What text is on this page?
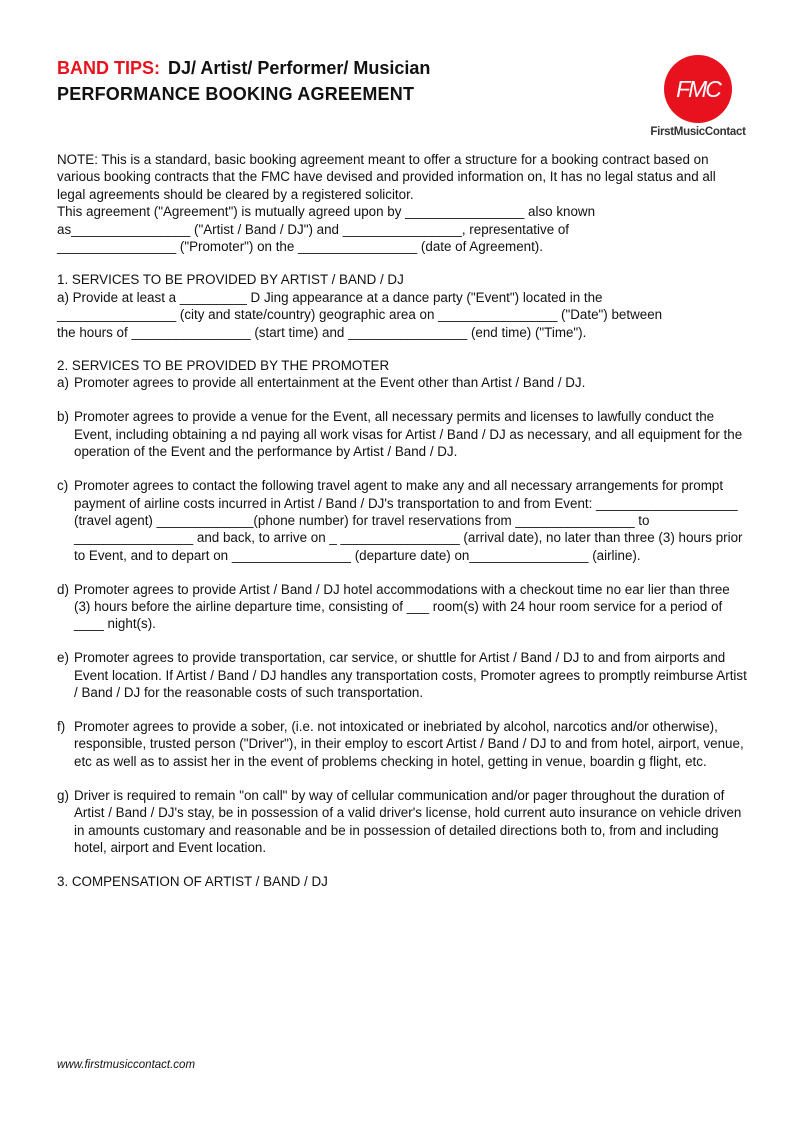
BAND TIPS: DJ/ Artist/ Performer/ Musician
PERFORMANCE BOOKING AGREEMENT	FMC
FirstMusicContact

NOTE: This is a standard, basic booking agreement meant to offer a structure for a booking contract based on various booking contracts that the FMC have devised and provided information on, It has no legal status and all legal agreements should be cleared by a registered solicitor.

This agreement ("Agreement") is mutually agreed upon by ________________ also known

as________________ ("Artist / Band / DJ") and ________________, representative of

________________ ("Promoter") on the ________________ (date of Agreement).

1. SERVICES TO BE PROVIDED BY ARTIST / BAND / DJ

a) Provide at least a _________ D Jing appearance at a dance party ("Event") located in the

________________ (city and state/country) geographic area on ________________ ("Date") between

the hours of ________________ (start time) and ________________ (end time) ("Time").

2. SERVICES TO BE PROVIDED BY THE PROMOTER

a) Promoter agrees to provide all entertainment at the Event other than Artist / Band / DJ.
b) Promoter agrees to provide a venue for the Event, all necessary permits and licenses to lawfully conduct the Event, including obtaining a nd paying all work visas for Artist / Band / DJ as necessary, and all equipment for the operation of the Event and the performance by Artist / Band / DJ.
c) Promoter agrees to contact the following travel agent to make any and all necessary arrangements for prompt payment of airline costs incurred in Artist / Band / DJ's transportation to and from Event: ___________________ (travel agent) _____________(phone number) for travel reservations from ________________ to ________________ and back, to arrive on _ ________________ (arrival date), no later than three (3) hours prior to Event, and to depart on ________________ (departure date) on________________ (airline).
d) Promoter agrees to provide Artist / Band / DJ hotel accommodations with a checkout time no ear lier than three (3) hours before the airline departure time, consisting of ___ room(s) with 24 hour room service for a period of ____ night(s).
e) Promoter agrees to provide transportation, car service, or shuttle for Artist / Band / DJ to and from airports and Event location. If Artist / Band / DJ handles any transportation costs, Promoter agrees to promptly reimburse Artist / Band / DJ for the reasonable costs of such transportation.
f) Promoter agrees to provide a sober, (i.e. not intoxicated or inebriated by alcohol, narcotics and/or otherwise), responsible, trusted person ("Driver"), in their employ to escort Artist / Band / DJ to and from hotel, airport, venue, etc as well as to assist her in the event of problems checking in hotel, getting in venue, boardin g flight, etc.
g) Driver is required to remain "on call" by way of cellular communication and/or pager throughout the duration of Artist / Band / DJ's stay, be in possession of a valid driver's license, hold current auto insurance on vehicle driven in amounts customary and reasonable and be in possession of detailed directions both to, from and including hotel, airport and Event location.

3. COMPENSATION OF ARTIST / BAND / DJ

www.firstmusiccontact.com
